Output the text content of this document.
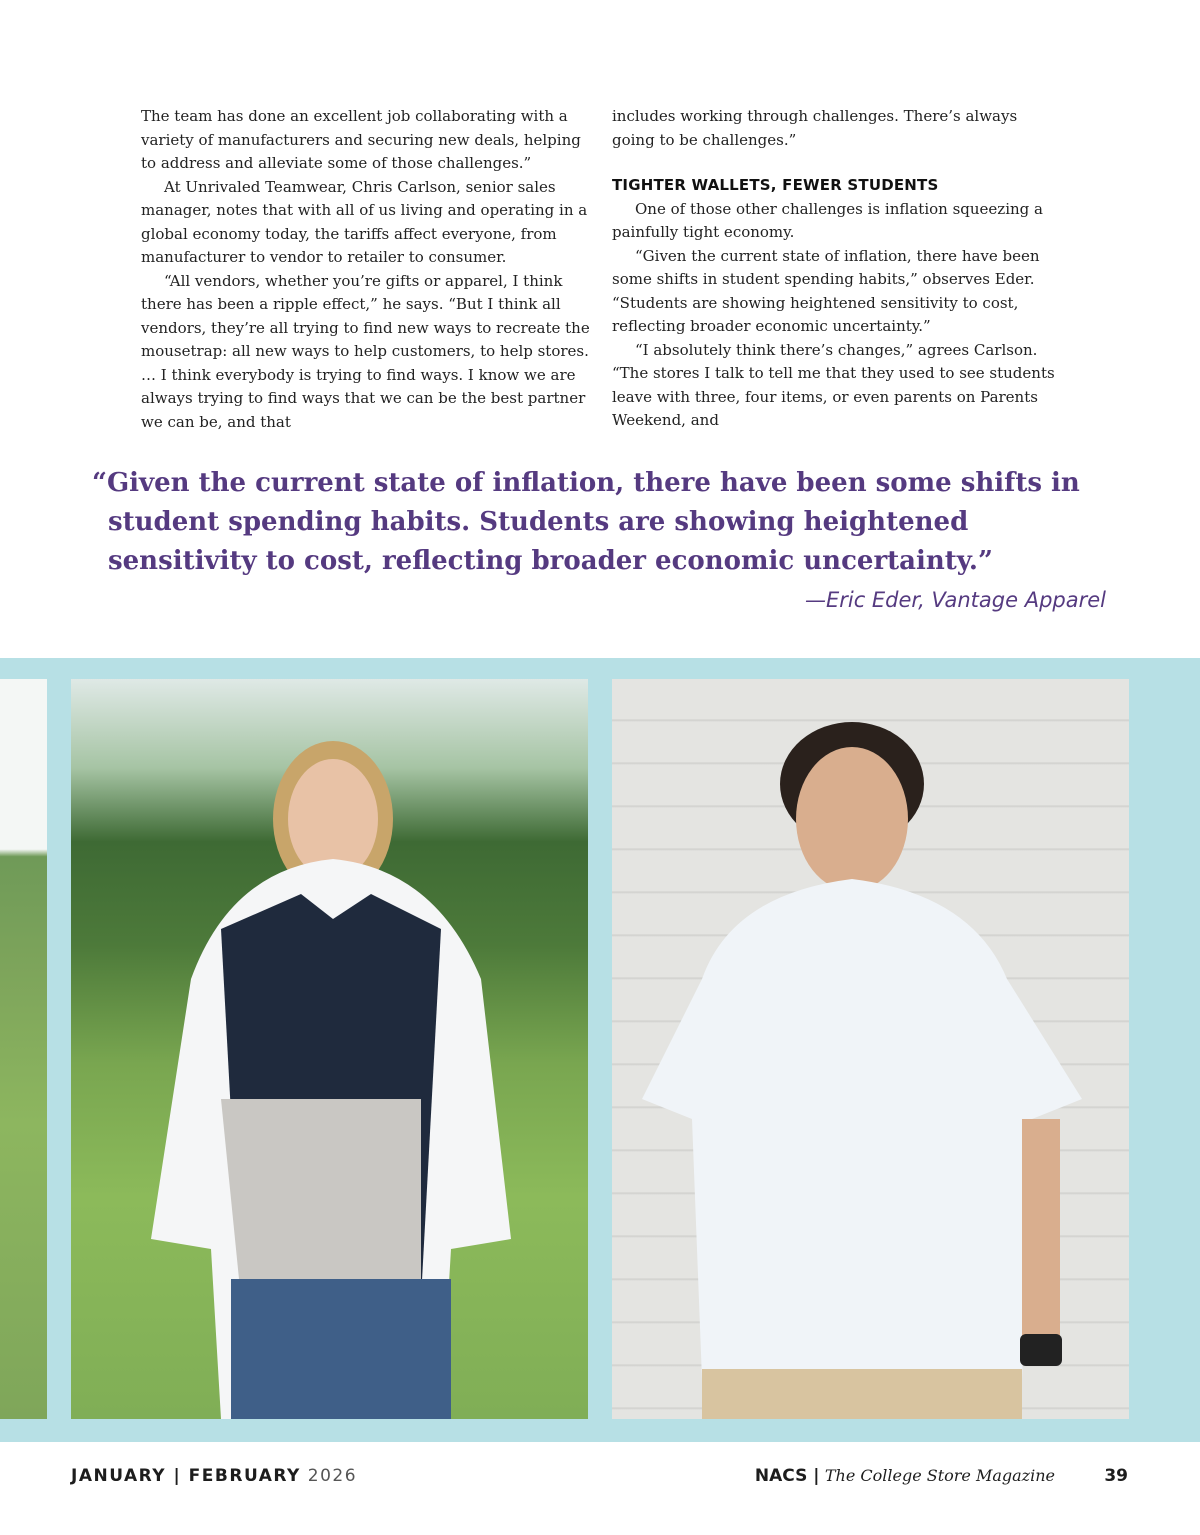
The team has done an excellent job collaborating with a variety of manufacturers and securing new deals, helping to address and alleviate some of those challenges.”

At Unrivaled Teamwear, Chris Carlson, senior sales manager, notes that with all of us living and operating in a global economy today, the tariffs affect everyone, from manufacturer to vendor to retailer to consumer.

“All vendors, whether you’re gifts or apparel, I think there has been a ripple effect,” he says. “But I think all vendors, they’re all trying to find new ways to recreate the mousetrap: all new ways to help customers, to help stores. … I think everybody is trying to find ways. I know we are always trying to find ways that we can be the best partner we can be, and that

includes working through challenges. There’s always going to be challenges.”

TIGHTER WALLETS, FEWER STUDENTS

One of those other challenges is inflation squeezing a painfully tight economy.

“Given the current state of inflation, there have been some shifts in student spending habits,” observes Eder. “Students are showing heightened sensitivity to cost, reflecting broader economic uncertainty.”

“I absolutely think there’s changes,” agrees Carlson. “The stores I talk to tell me that they used to see students leave with three, four items, or even parents on Parents Weekend, and

“Given the current state of inflation, there have been some shifts in student spending habits. Students are showing heightened sensitivity to cost, reflecting broader economic uncertainty.”

—Eric Eder, Vantage Apparel

JANUARY | FEBRUARY 2026	NACS | The College Store Magazine	39
